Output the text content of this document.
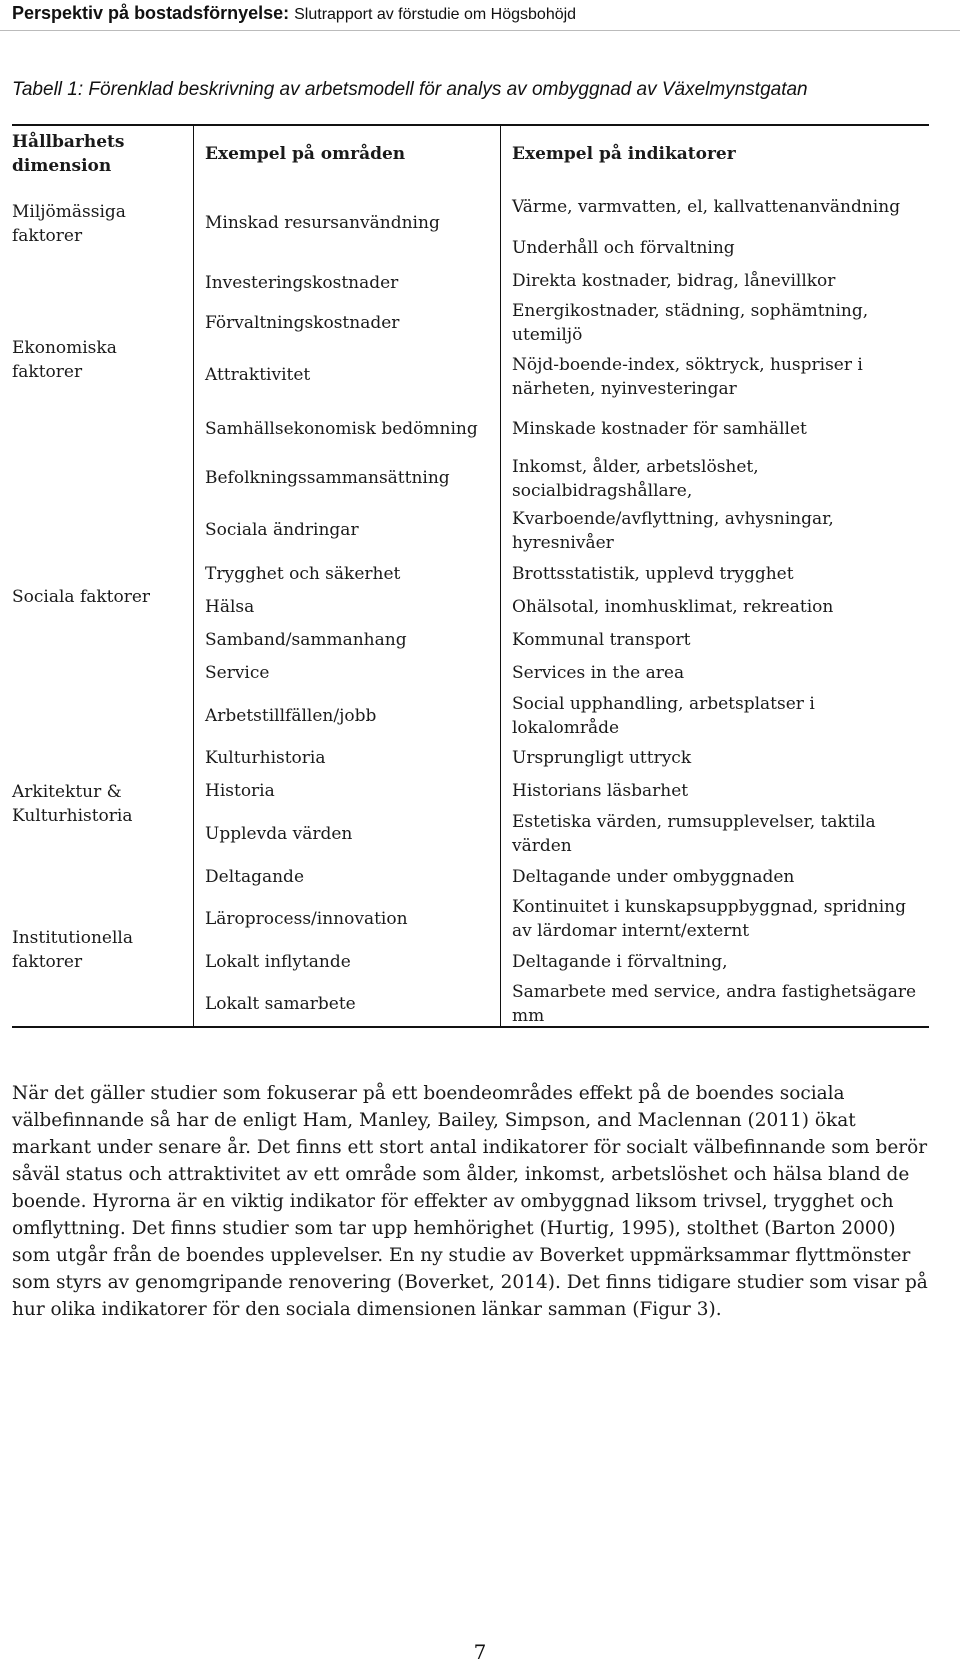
Perspektiv på bostadsförnyelse: Slutrapport av förstudie om Högsbohöjd
Tabell 1: Förenklad beskrivning av arbetsmodell för analys av ombyggnad av Växelmynstgatan
Hållbarhets dimension
Exempel på områden	Exempel på indikatorer
Miljömässiga faktorer
Ekonomiska faktorer
Sociala faktorer
Arkitektur & Kulturhistoria
Institutionella faktorer
Minskad resursanvändning
Investeringskostnader
Förvaltningskostnader
Attraktivitet
Samhällsekonomisk bedömning
Befolkningssammansättning
Sociala ändringar
Trygghet och säkerhet
Hälsa
Samband/sammanhang
Service
Arbetstillfällen/jobb
Kulturhistoria
Historia
Upplevda värden
Deltagande
Läroprocess/innovation
Lokalt inflytande
Lokalt samarbete
Värme, varmvatten, el, kallvattenanvändning
Underhåll och förvaltning
Direkta kostnader, bidrag, lånevillkor
Energikostnader, städning, sophämtning, utemiljö
Nöjd-boende-index, söktryck, huspriser i närheten, nyinvesteringar
Minskade kostnader för samhället
Inkomst, ålder, arbetslöshet, socialbidragshållare,
Kvarboende/avflyttning, avhysningar, hyresnivåer
Brottsstatistik, upplevd trygghet
Ohälsotal, inomhusklimat, rekreation
Kommunal transport
Services in the area
Social upphandling, arbetsplatser i lokalområde
Ursprungligt uttryck
Historians läsbarhet
Estetiska värden, rumsupplevelser, taktila värden
Deltagande under ombyggnaden
Kontinuitet i kunskapsuppbyggnad, spridning av lärdomar internt/externt
Deltagande i förvaltning,
Samarbete med service, andra fastighetsägare mm
När det gäller studier som fokuserar på ett boendeområdes effekt på de boendes sociala välbefinnande så har de enligt Ham, Manley, Bailey, Simpson, and Maclennan (2011) ökat markant under senare år. Det finns ett stort antal indikatorer för socialt välbefinnande som berör såväl status och attraktivitet av ett område som ålder, inkomst, arbetslöshet och hälsa bland de boende. Hyrorna är en viktig indikator för effekter av ombyggnad liksom trivsel, trygghet och omflyttning. Det finns studier som tar upp hemhörighet (Hurtig, 1995), stolthet (Barton 2000) som utgår från de boendes upplevelser. En ny studie av Boverket uppmärksammar flyttmönster som styrs av genomgripande renovering (Boverket, 2014). Det finns tidigare studier som visar på hur olika indikatorer för den sociala dimensionen länkar samman (Figur 3).
7
